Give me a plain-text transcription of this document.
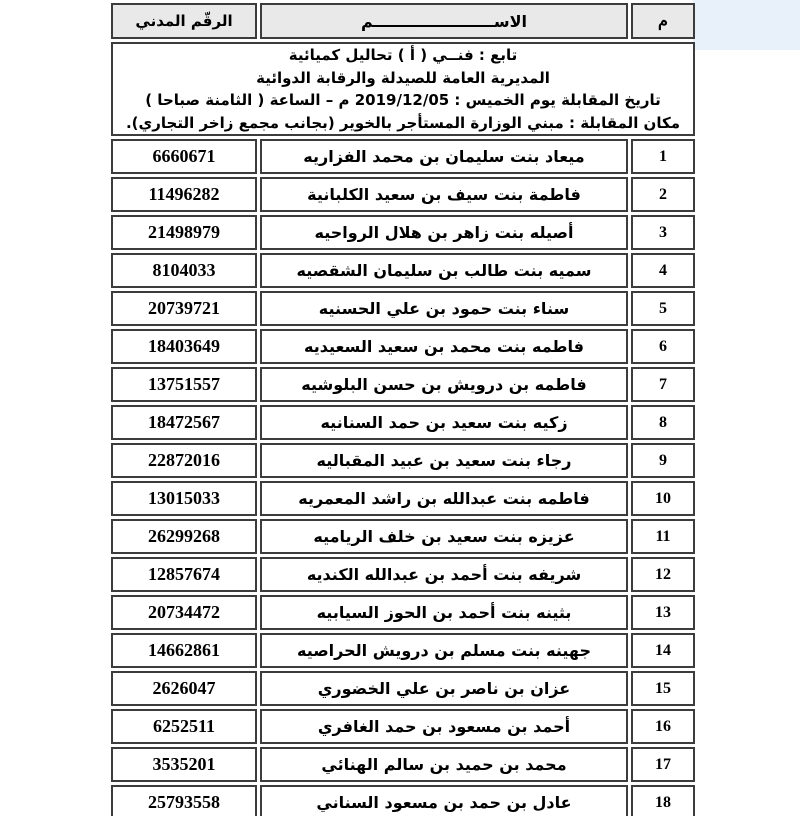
م	الاســــــــــــــــــــــم	الرقّم المدني

تابع : فنــي ( أ ) تحاليل كميائية
المديرية العامة للصيدلة والرقابة الدوائية
تاريخ المقابلة يوم الخميس : 2019/12/05 م – الساعة ( الثامنة صباحا )
مكان المقابلة : مبني الوزارة المستأجر بالخوير (بجانب مجمع زاخر التجاري).		

1	ميعاد بنت سليمان بن محمد الفزاريه	6660671
2	فاطمة بنت سيف بن سعيد الكلبانية	11496282
3	أصيله بنت زاهر بن هلال الرواحيه	21498979
4	سميه بنت طالب بن سليمان الشقصيه	8104033
5	سناء بنت حمود بن علي الحسنيه	20739721
6	فاطمه بنت محمد بن سعيد السعيديه	18403649
7	فاطمه بن درويش بن حسن البلوشيه	13751557
8	زكيه بنت سعيد بن حمد السنانيه	18472567
9	رجاء بنت سعيد بن عبيد المقباليه	22872016
10	فاطمه بنت عبدالله بن راشد المعمريه	13015033
11	عزيزه بنت سعيد بن خلف الرياميه	26299268
12	شريفه بنت أحمد بن عبدالله الكنديه	12857674
13	بثينه بنت أحمد بن الحوز السيابيه	20734472
14	جهينه بنت مسلم بن درويش الحراصيه	14662861
15	عزان بن ناصر بن علي الخضوري	2626047
16	أحمد بن مسعود بن حمد الغافري	6252511
17	محمد بن حميد بن سالم الهنائي	3535201
18	عادل بن حمد بن مسعود السناني	25793558
